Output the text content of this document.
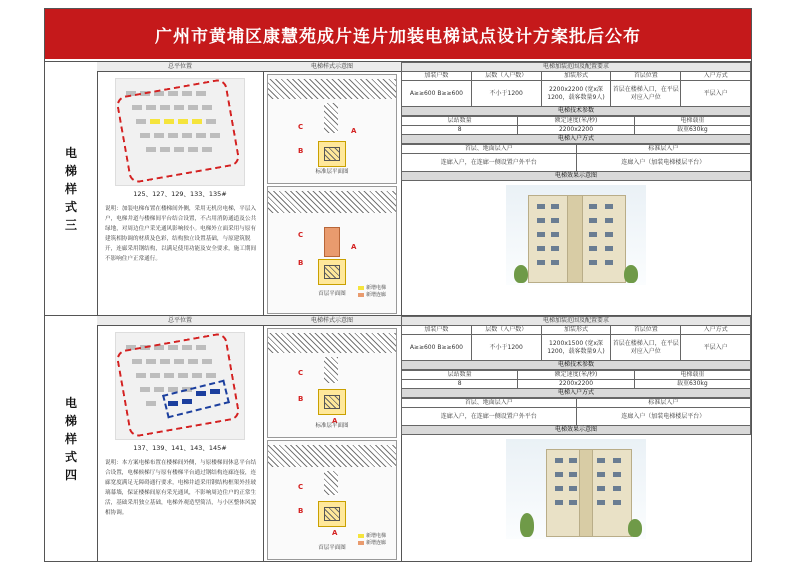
广州市黄埔区康慧苑成片连片加装电梯试点设计方案批后公布
电
梯
样
式
三
总平位置
125、127、129、133、135#
说明：加装电梯布置在楼梯间外侧，采用无机房电梯，平层入户，电梯井道与楼梯间平台结合设置，不占用消防通道及公共绿地，对周边住户采光通风影响较小。电梯外立面采用与原有建筑相协调的材质及色彩，结构独立设置基础，与原建筑脱开，连廊采用钢结构，以满足使用功能及安全要求，施工期间不影响住户正常通行。
电梯样式示意图
C
B
A
标准层平面图
C
B
A
首层平面图
新增电梯
新增连廊
电梯加装范围及配置要求				
加装户数	层数（入户数）	加装形式	首层位置	入户方式
A≥≥600 B≥≥600	不小于1200	2200x2200 (宽x深1200，载客数量9人)	首层在楼梯入口，在平层对应入户位	平层入户
电梯技术参数
层站数量	额定速度(米/秒)	电梯载重
8	2200x2200	载重630kg
电梯入户方式
首层、地面层入户	标准层入户
连廊入户，在连廊一侧设置户外平台	连廊入户（加装电梯楼层平台）
电梯效果示意图
电
梯
样
式
四
总平位置
137、139、141、143、145#
说明：本方案电梯布置在楼梯间外侧，与原楼梯间休息平台结合设置，电梯候梯厅与原有楼梯平台通过钢结构连廊连接，连廊宽度满足无障碍通行要求，电梯井道采用钢结构框架外挂玻璃幕墙，保证楼梯间原有采光通风，不影响周边住户的正常生活，基础采用独立基础，电梯外观造型简洁，与小区整体风貌相协调。
电梯样式示意图
C
B
A
标准层平面图
C
B
A
首层平面图
新增电梯
新增连廊
电梯加装范围及配置要求				
加装户数	层数（入户数）	加装形式	首层位置	入户方式
A≥≥600 B≥≥600	不小于1200	1200x1500 (宽x深1200，载客数量9人)	首层在楼梯入口，在平层对应入户位	平层入户
电梯技术参数
层站数量	额定速度(米/秒)	电梯载重
8	2200x2200	载重630kg
电梯入户方式
首层、地面层入户	标准层入户
连廊入户，在连廊一侧设置户外平台	连廊入户（加装电梯楼层平台）
电梯效果示意图
